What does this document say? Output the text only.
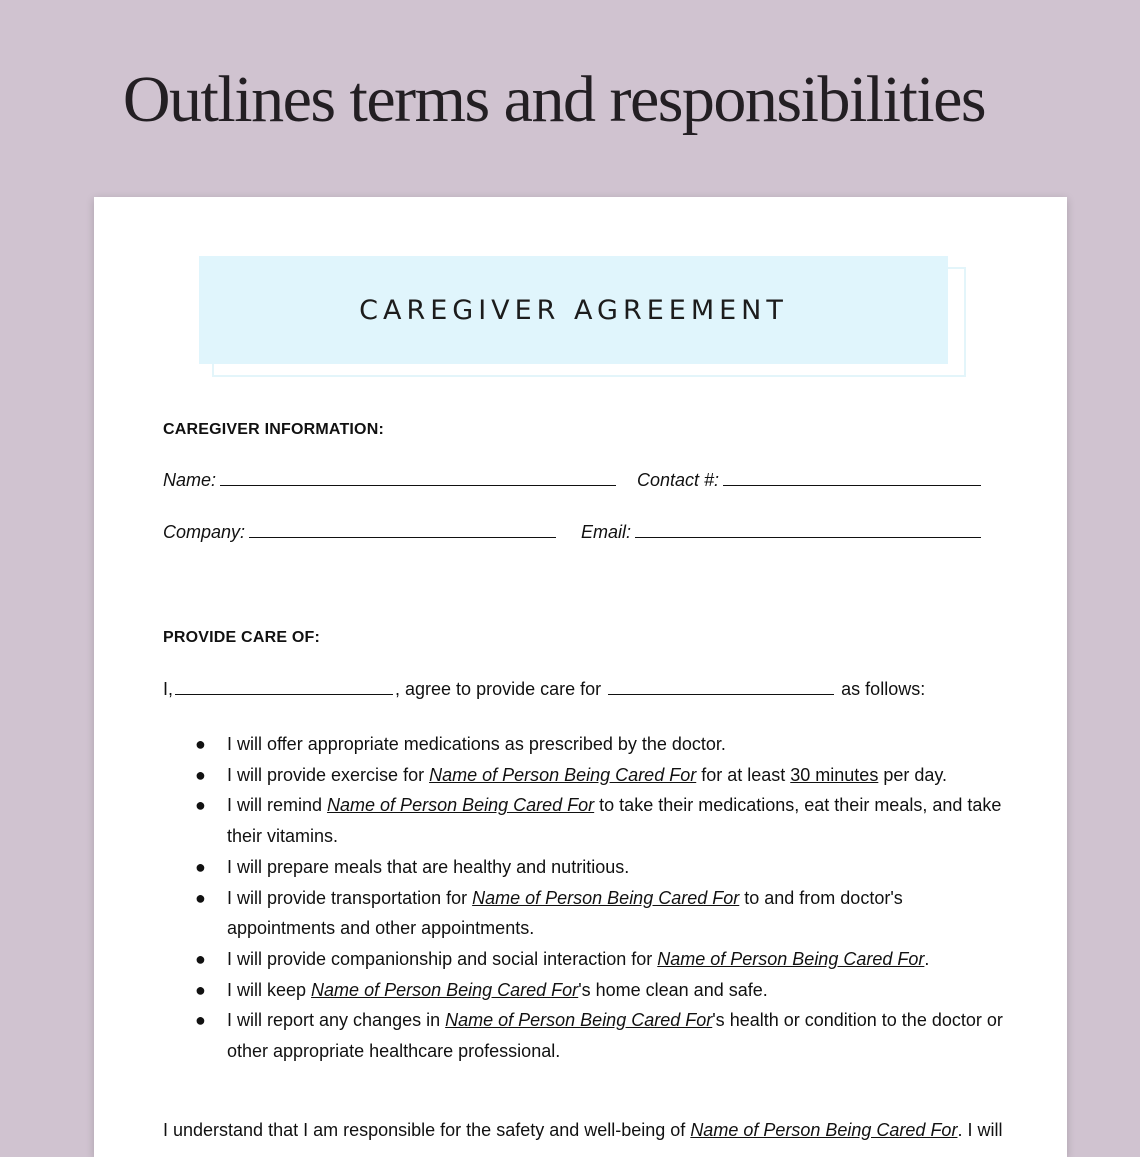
Outlines terms and responsibilities
CAREGIVER AGREEMENT
CAREGIVER INFORMATION:
Name:	Contact #:
Company:	Email:
PROVIDE CARE OF:
I,	, agree to provide care for	as follows:
● I will offer appropriate medications as prescribed by the doctor.
● I will provide exercise for Name of Person Being Cared For for at least 30 minutes per day.
● I will remind Name of Person Being Cared For to take their medications, eat their meals, and take their vitamins.
● I will prepare meals that are healthy and nutritious.
● I will provide transportation for Name of Person Being Cared For to and from doctor's appointments and other appointments.
● I will provide companionship and social interaction for Name of Person Being Cared For.
● I will keep Name of Person Being Cared For's home clean and safe.
● I will report any changes in Name of Person Being Cared For's health or condition to the doctor or other appropriate healthcare professional.
I understand that I am responsible for the safety and well-being of Name of Person Being Cared For. I will
